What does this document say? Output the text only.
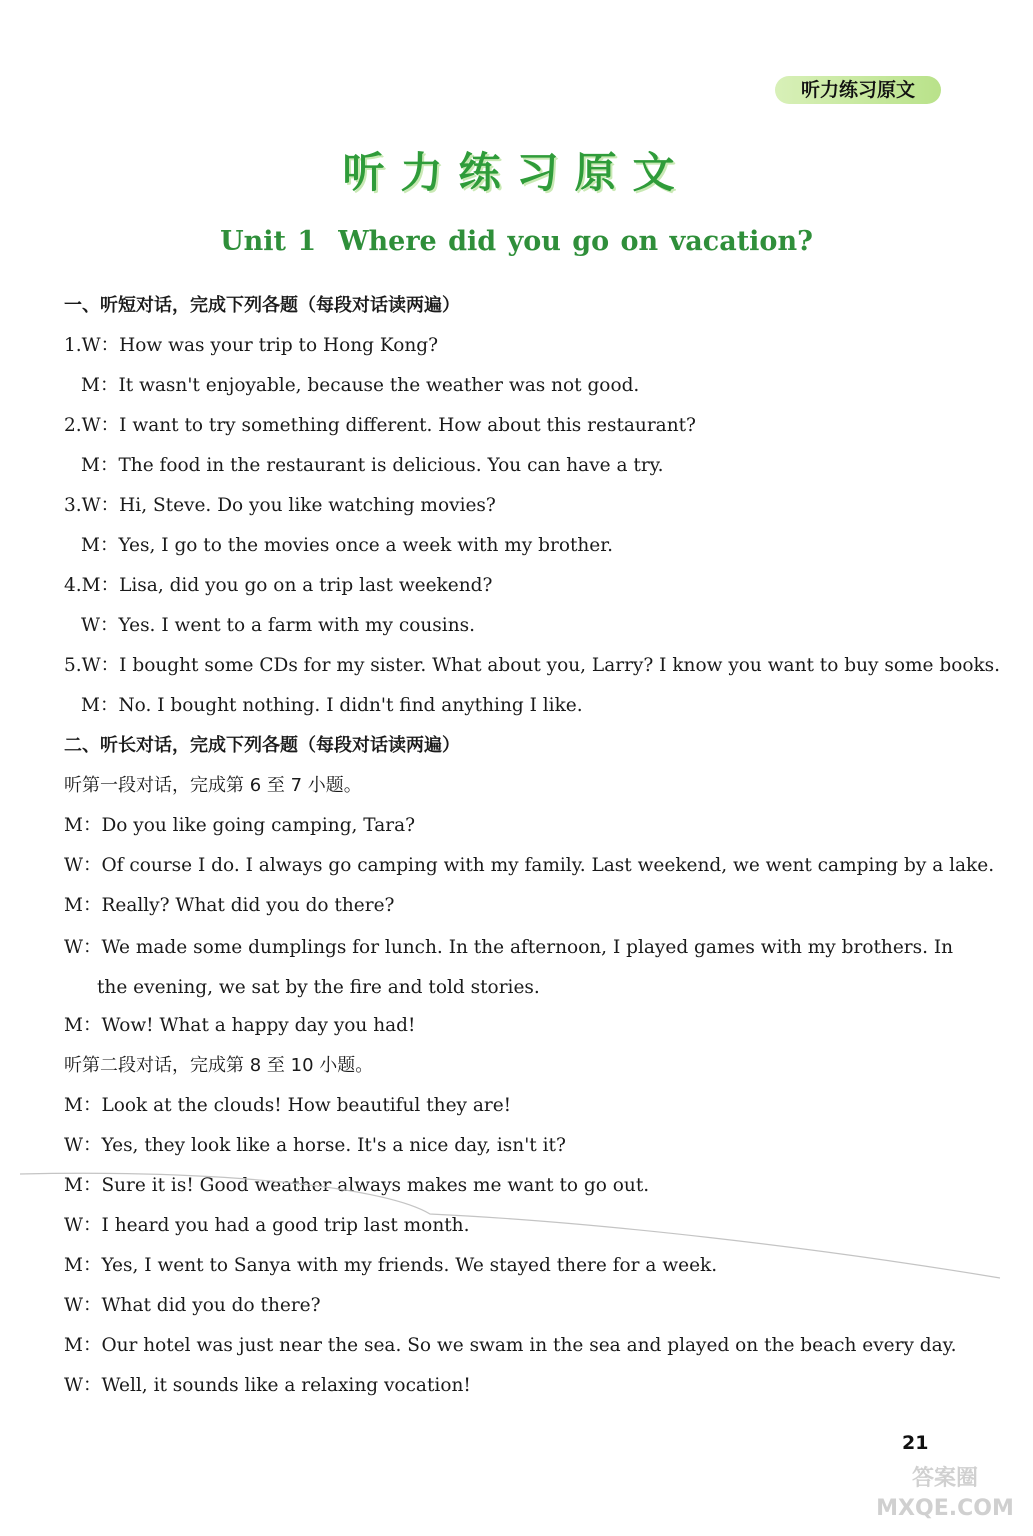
听力练习原文
听力练习原文
Unit 1 Where did you go on vacation?
一、听短对话，完成下列各题（每段对话读两遍）
1.W：How was your trip to Hong Kong?
M：It wasn't enjoyable, because the weather was not good.
2.W：I want to try something different. How about this restaurant?
M：The food in the restaurant is delicious. You can have a try.
3.W：Hi, Steve. Do you like watching movies?
M：Yes, I go to the movies once a week with my brother.
4.M：Lisa, did you go on a trip last weekend?
W：Yes. I went to a farm with my cousins.
5.W：I bought some CDs for my sister. What about you, Larry? I know you want to buy some books.
M：No. I bought nothing. I didn't find anything I like.
二、听长对话，完成下列各题（每段对话读两遍）
听第一段对话，完成第 6 至 7 小题。
M：Do you like going camping, Tara?
W：Of course I do. I always go camping with my family. Last weekend, we went camping by a lake.
M：Really? What did you do there?
W：We made some dumplings for lunch. In the afternoon, I played games with my brothers. In the evening, we sat by the fire and told stories.
M：Wow! What a happy day you had!
听第二段对话，完成第 8 至 10 小题。
M：Look at the clouds! How beautiful they are!
W：Yes, they look like a horse. It's a nice day, isn't it?
M：Sure it is! Good weather always makes me want to go out.
W：I heard you had a good trip last month.
M：Yes, I went to Sanya with my friends. We stayed there for a week.
W：What did you do there?
M：Our hotel was just near the sea. So we swam in the sea and played on the beach every day.
W：Well, it sounds like a relaxing vocation!
21
答案圈
MXQE.COM
